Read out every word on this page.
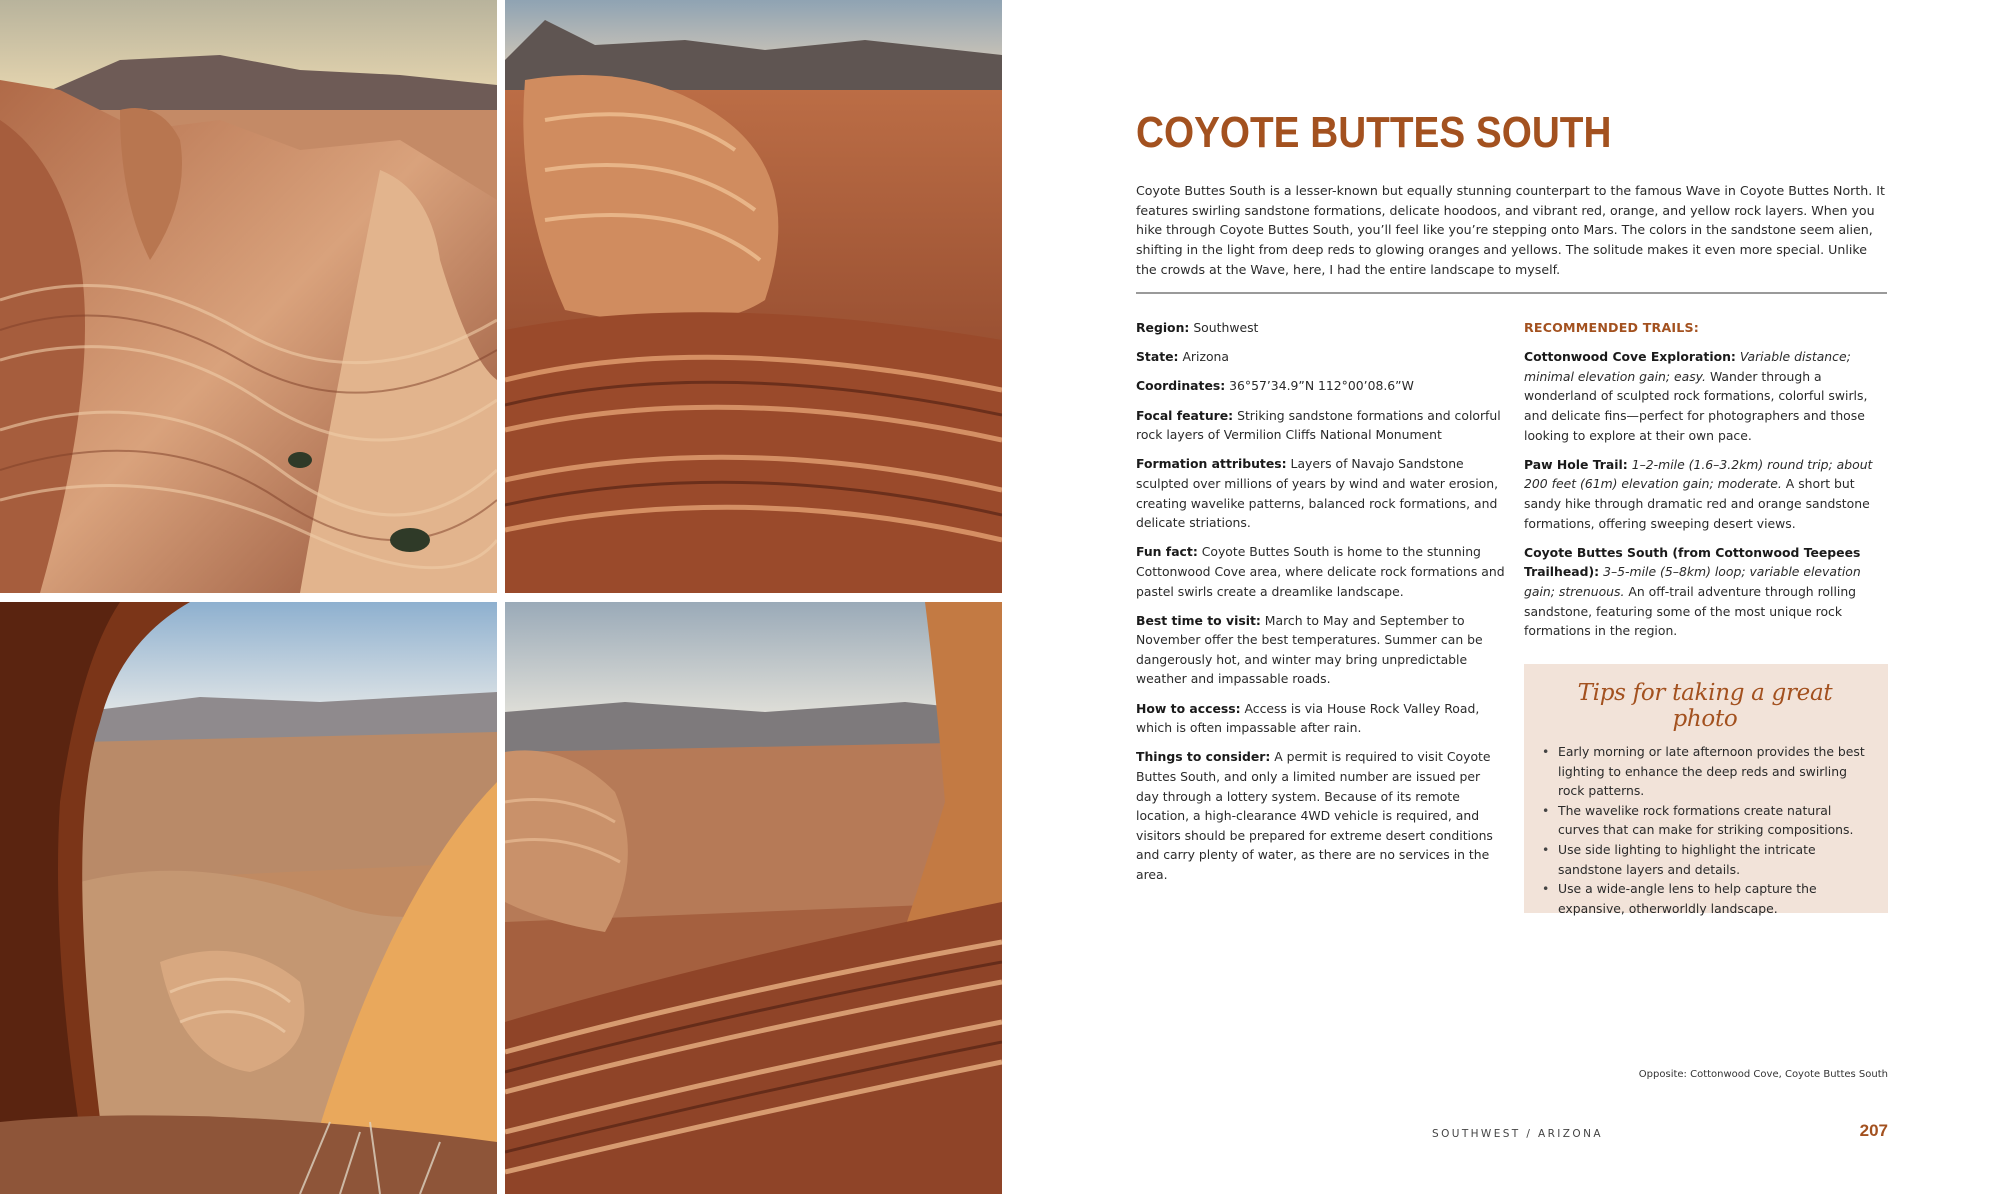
COYOTE BUTTES SOUTH

Coyote Buttes South is a lesser-known but equally stunning counterpart to the famous Wave in Coyote Buttes North. It features swirling sandstone formations, delicate hoodoos, and vibrant red, orange, and yellow rock layers. When you hike through Coyote Buttes South, you’ll feel like you’re stepping onto Mars. The colors in the sandstone seem alien, shifting in the light from deep reds to glowing oranges and yellows. The solitude makes it even more special. Unlike the crowds at the Wave, here, I had the entire landscape to myself.

Region: Southwest

State: Arizona

Coordinates: 36°57’34.9”N 112°00’08.6”W

Focal feature: Striking sandstone formations and colorful rock layers of Vermilion Cliffs National Monument

Formation attributes: Layers of Navajo Sandstone sculpted over millions of years by wind and water erosion, creating wavelike patterns, balanced rock formations, and delicate striations.

Fun fact: Coyote Buttes South is home to the stunning Cottonwood Cove area, where delicate rock formations and pastel swirls create a dreamlike landscape.

Best time to visit: March to May and September to November offer the best temperatures. Summer can be dangerously hot, and winter may bring unpredictable weather and impassable roads.

How to access: Access is via House Rock Valley Road, which is often impassable after rain.

Things to consider: A permit is required to visit Coyote Buttes South, and only a limited number are issued per day through a lottery system. Because of its remote location, a high-clearance 4WD vehicle is required, and visitors should be prepared for extreme desert conditions and carry plenty of water, as there are no services in the area.

RECOMMENDED TRAILS:

Cottonwood Cove Exploration: Variable distance; minimal elevation gain; easy. Wander through a wonderland of sculpted rock formations, colorful swirls, and delicate fins—perfect for photographers and those looking to explore at their own pace.

Paw Hole Trail: 1–2-mile (1.6–3.2km) round trip; about 200 feet (61m) elevation gain; moderate. A short but sandy hike through dramatic red and orange sandstone formations, offering sweeping desert views.

Coyote Buttes South (from Cottonwood Teepees Trailhead): 3–5-mile (5–8km) loop; variable elevation gain; strenuous. An off-trail adventure through rolling sandstone, featuring some of the most unique rock formations in the region.

Tips for taking a great photo

• Early morning or late afternoon provides the best lighting to enhance the deep reds and swirling rock patterns.
• The wavelike rock formations create natural curves that can make for striking compositions.
• Use side lighting to highlight the intricate sandstone layers and details.
• Use a wide-angle lens to help capture the expansive, otherworldly landscape.

Opposite: Cottonwood Cove, Coyote Buttes South

SOUTHWEST / ARIZONA	207
